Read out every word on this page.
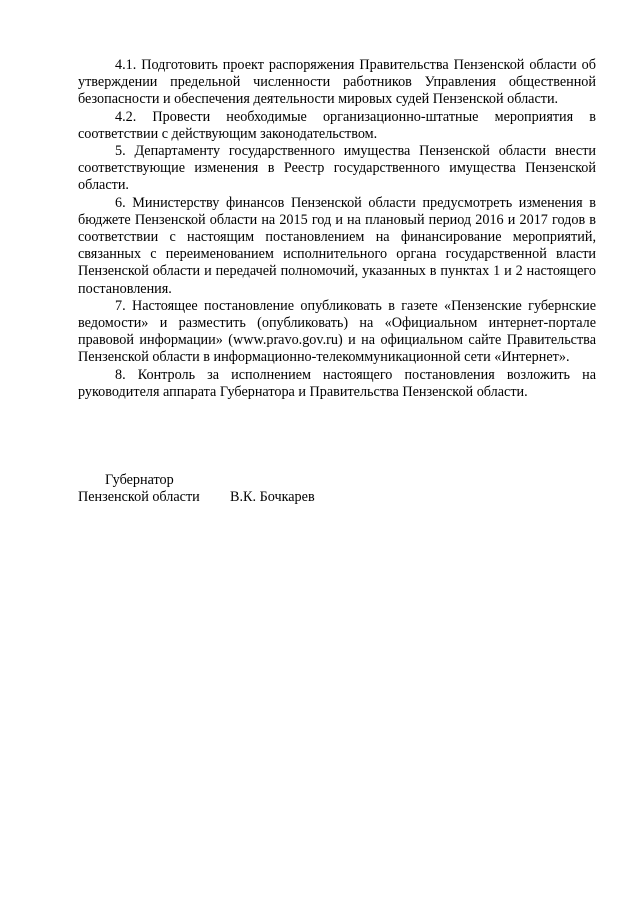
4.1. Подготовить проект распоряжения Правительства Пензенской области об утверждении предельной численности работников Управления общественной безопасности и обеспечения деятельности мировых судей Пензенской области.

4.2. Провести необходимые организационно-штатные мероприятия в соответствии с действующим законодательством.

5. Департаменту государственного имущества Пензенской области внести соответствующие изменения в Реестр государственного имущества Пензенской области.

6. Министерству финансов Пензенской области предусмотреть изменения в бюджете Пензенской области на 2015 год и на плановый период 2016 и 2017 годов в соответствии с настоящим постановлением на финансирование мероприятий, связанных с переименованием исполнительного органа государственной власти Пензенской области и передачей полномочий, указанных в пунктах 1 и 2 настоящего постановления.

7. Настоящее постановление опубликовать в газете «Пензенские губернские ведомости» и разместить (опубликовать) на «Официальном интернет-портале правовой информации» (www.pravo.gov.ru) и на официальном сайте Правительства Пензенской области в информационно-телекоммуникационной сети «Интернет».

8. Контроль за исполнением настоящего постановления возложить на руководителя аппарата Губернатора и Правительства Пензенской области.

Губернатор

Пензенской области В.К. Бочкарев
